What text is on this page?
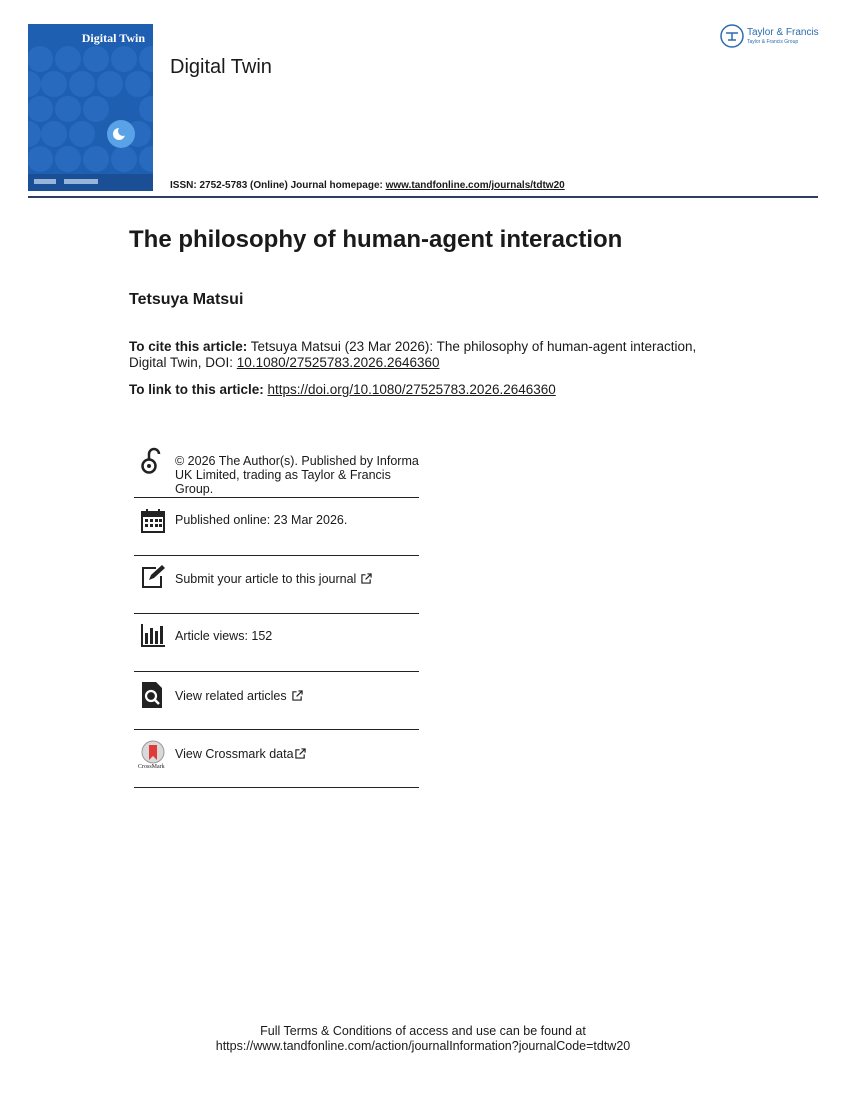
Digital Twin
Digital Twin
Taylor & Francis
Taylor & Francis Group
ISSN: 2752-5783 (Online) Journal homepage: www.tandfonline.com/journals/tdtw20
The philosophy of human-agent interaction
Tetsuya Matsui
To cite this article: Tetsuya Matsui (23 Mar 2026): The philosophy of human-agent interaction, Digital Twin, DOI: 10.1080/27525783.2026.2646360
To link to this article: https://doi.org/10.1080/27525783.2026.2646360
© 2026 The Author(s). Published by Informa UK Limited, trading as Taylor & Francis Group.
Published online: 23 Mar 2026.
Submit your article to this journal
Article views: 152
View related articles
CrossMark
View Crossmark data
Full Terms & Conditions of access and use can be found at
https://www.tandfonline.com/action/journalInformation?journalCode=tdtw20
